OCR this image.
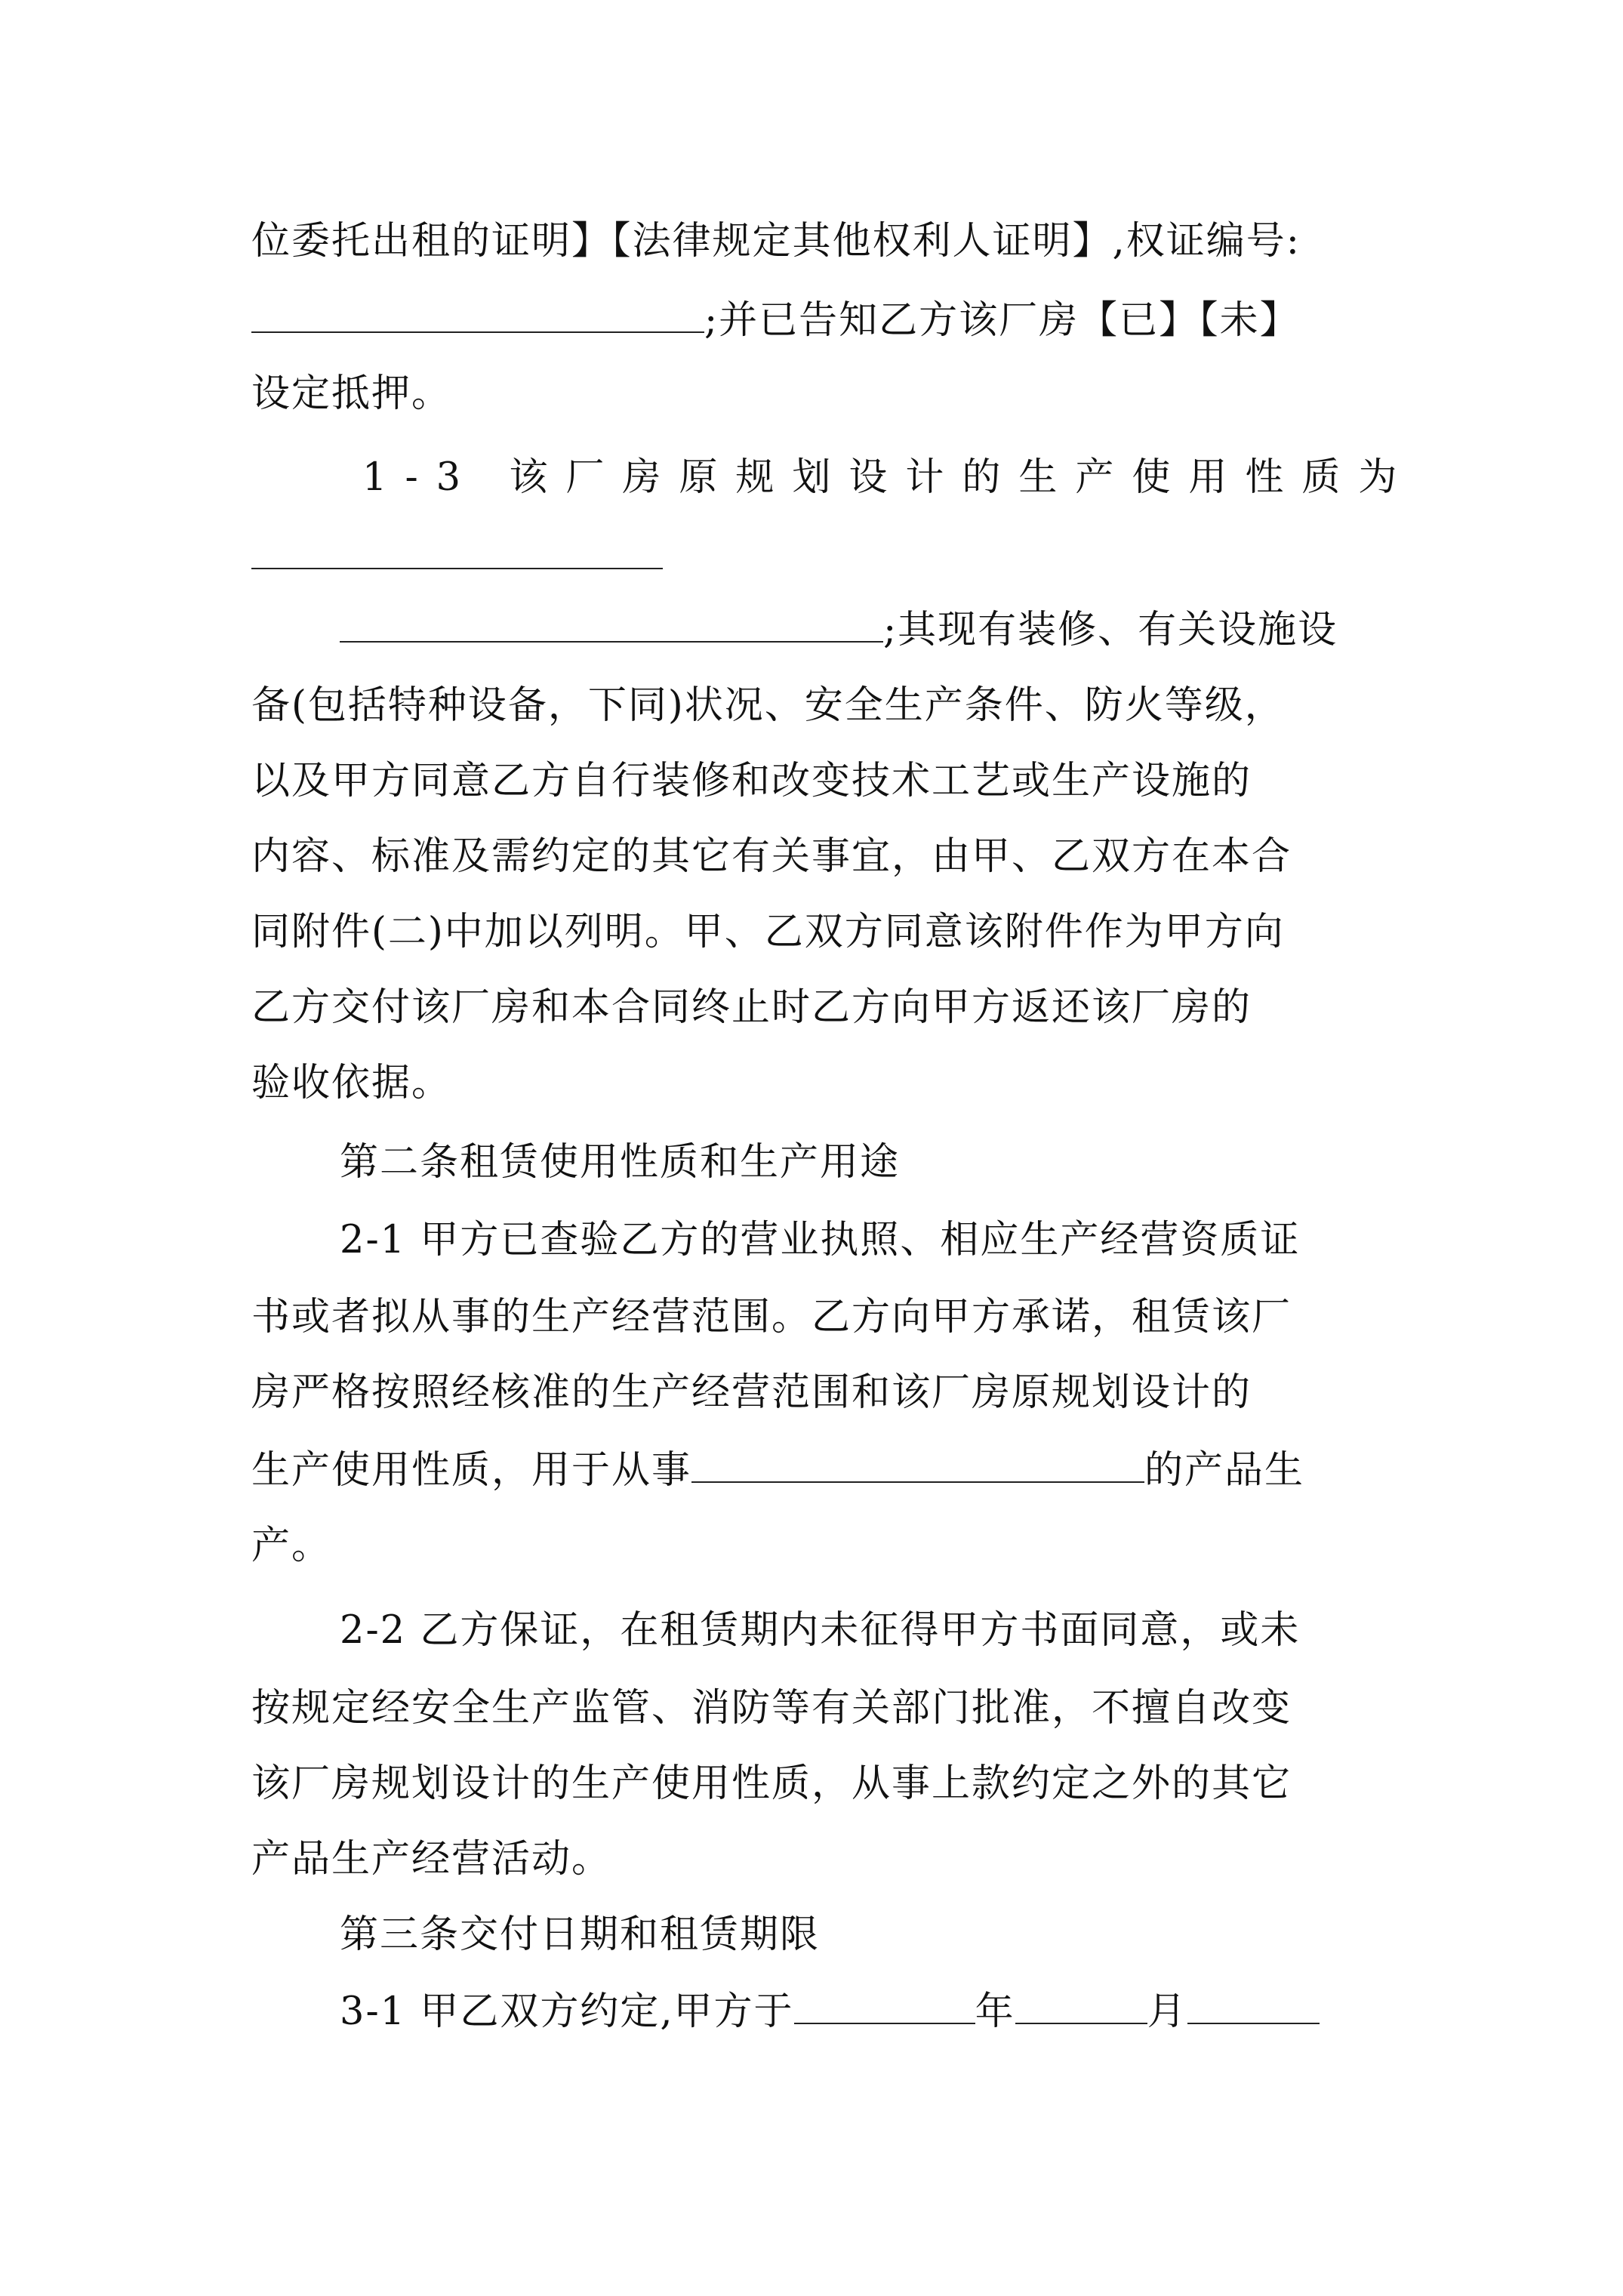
位委托出租的证明】【法律规定其他权利人证明】,权证编号:
;并已告知乙方该厂房【已】【未】
设定抵押。
1-3 该厂房原规划设计的生产使用性质为
;其现有装修、有关设施设
备(包括特种设备，下同)状况、安全生产条件、防火等级，
以及甲方同意乙方自行装修和改变技术工艺或生产设施的
内容、标准及需约定的其它有关事宜，由甲、乙双方在本合
同附件(二)中加以列明。甲、乙双方同意该附件作为甲方向
乙方交付该厂房和本合同终止时乙方向甲方返还该厂房的
验收依据。
第二条租赁使用性质和生产用途
2-1 甲方已查验乙方的营业执照、相应生产经营资质证
书或者拟从事的生产经营范围。乙方向甲方承诺，租赁该厂
房严格按照经核准的生产经营范围和该厂房原规划设计的
生产使用性质，用于从事	的产品生
产。
2-2 乙方保证，在租赁期内未征得甲方书面同意，或未
按规定经安全生产监管、消防等有关部门批准，不擅自改变
该厂房规划设计的生产使用性质，从事上款约定之外的其它
产品生产经营活动。
第三条交付日期和租赁期限
3-1 甲乙双方约定,甲方于	年	月
